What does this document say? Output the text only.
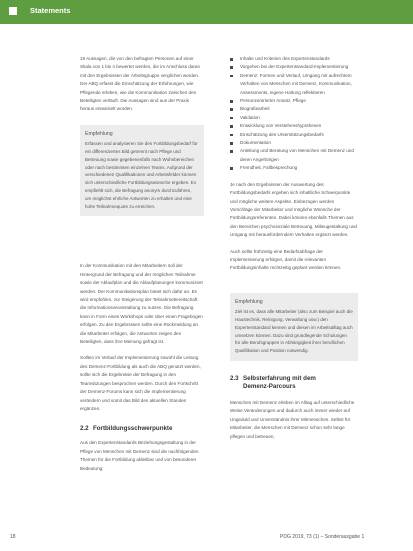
Statements

19 Aussagen, die von den befragten Personen auf einer Skala von 1 bis 4 bewertet werden, die im Anschluss daran mit den Ergebnissen der Arbeitsgruppe verglichen werden. Der ABQ erfasst die Einschätzung der Erfahrungen, wie Pflegende erleben, wie die Kommunikation zwischen den Beteiligten verläuft. Die Aussagen sind aus der Praxis heraus entwickelt worden.

Empfehlung
Erfassen und analysieren Sie den Fortbildungsbedarf für ein differenziertes Bild getrennt nach Pflege und Betreuung sowie gegebenenfalls nach Wohnbereichen oder nach bestimmten einzelnen Teams. Aufgrund der verschiedenen Qualifikationen und Arbeitsfelder können sich unterschiedliche Fortbildungswünsche ergeben. Es empfiehlt sich, die Befragung anonym durchzuführen, um möglichst ehrliche Antworten zu erhalten und eine hohe Teilnahmequote zu erreichen.

In der Kommunikation mit den Mitarbeitern soll der Hintergrund der Befragung und der möglichen Teilnahme sowie der Ablaufplan und die Ablaufplanungen kommuniziert werden. Der Kommunikationsplan bietet sich dafür an. Es wird empfohlen, zur Steigerung der Teilnahmebereitschaft die Informationsveranstaltung zu nutzen. Die Befragung kann in Form eines Workshops oder über einen Fragebogen erfolgen. Zu den Ergebnissen sollte eine Rückmeldung an die Mitarbeiter erfolgen, die Antworten zeigen den Beteiligten, dass ihre Meinung gefragt ist.

Sollten im Verlauf der Implementierung sowohl die Leitung des Demenz-Fortbildung als auch die ABQ genutzt werden, sollte sich die Ergebnisse der Befragung in den Teamsitzungen besprochen werden. Durch den Fortschritt der Demenz-Forums kann sich die Implementierung verändern und somit das Bild des aktuellen Standes ergänzen.

2.2 Fortbildungsschwerpunkte

Aus den Expertenstandards Beziehungsgestaltung in der Pflege von Menschen mit Demenz sind die nachfolgenden Themen für die Fortbildung ableitbar und von besonderer Bedeutung:

Inhalte und Kriterien des Expertenstandards
Vorgehen bei der Expertenstandard-Implementierung
Demenz: Formen und Verlauf, Umgang mit aufrechtem Verhalten von Menschen mit Demenz, Kommunikation, Assessments, eigene Haltung reflektieren
Personzentrierter Ansatz, Pflege
Biografiearbeit
Validation
Entwicklung von Verstehenshypothesen
Einschätzung des Unterstützungsbedarfs
Dokumentation
Anleitung und Beratung von Menschen mit Demenz und deren Angehörigen
Fremdheit, Fallbesprechung

Je nach den Ergebnissen der Auswertung des Fortbildungsbedarfs ergeben sich inhaltliche Schwerpunkte und mögliche weitere Aspekte. Einbezogen werden Vorschläge der Mitarbeiter und mögliche Wünsche der Fortbildungsreferenten. Dabei können ebenfalls Themen aus den Bereichen psychosoziale Betreuung, Milieugestaltung und Umgang mit herausforderndem Verhalten ergänzt werden.

Auch sollte frühzeitig eine Bedarfsabfrage der Implementierung erfolgen, damit die relevanten Fortbildungsinhalte rechtzeitig geplant werden können.

Empfehlung
Ziel ist es, dass alle Mitarbeiter (also zum Beispiel auch die Haustechnik, Reinigung, Verwaltung usw.) den Expertenstandard kennen und diesen im Arbeitsalltag auch umsetzen können. Dazu sind grundlegende Schulungen für alle Berufsgruppen in Abhängigkeit ihrer beruflichen Qualifikation und Position notwendig.
2.3 Selbsterfahrung mit dem
Demenz-Parcours

Menschen mit Demenz erleben im Alltag auf unterschiedliche Weise Veränderungen und dadurch auch immer wieder auf Ungeduld und Unverständnis ihrer Mitmenschen. Selbst für Mitarbeiter, die Menschen mit Demenz schon sehr lange pflegen und betreuen,

18	PDG 2019, 73 (1) – Sonderausgabe 1
